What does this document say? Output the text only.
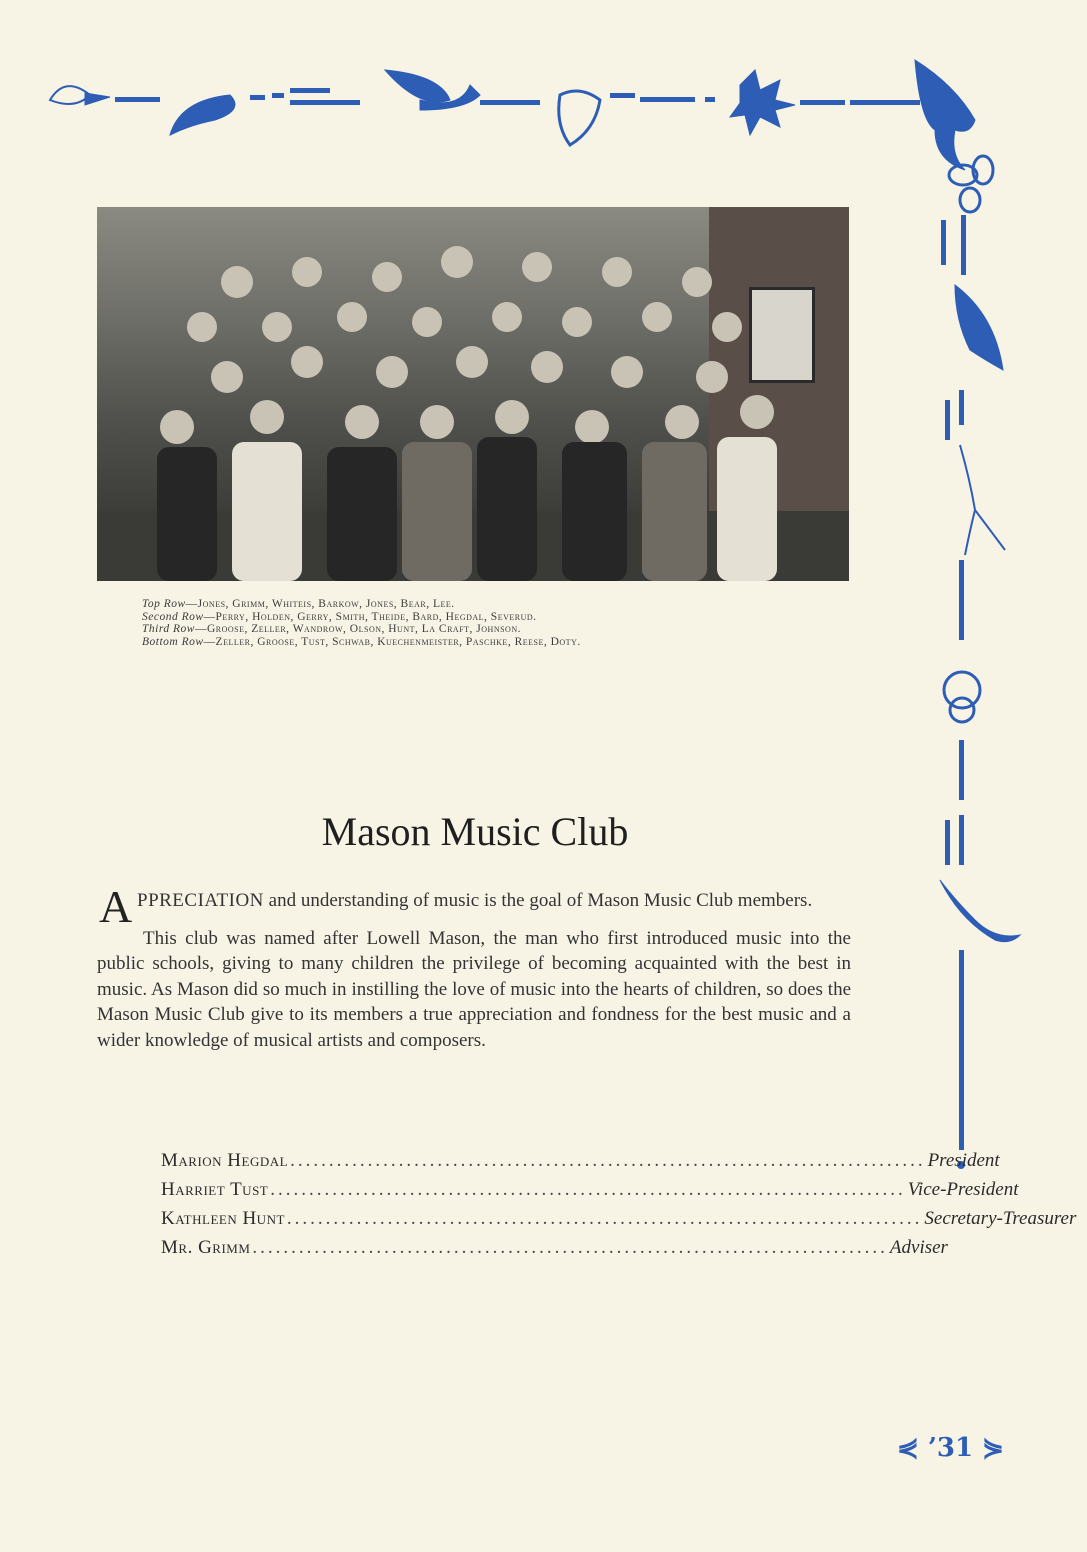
Top Row—Jones, Grimm, Whiteis, Barkow, Jones, Bear, Lee.
Second Row—Perry, Holden, Gerry, Smith, Theide, Bard, Hegdal, Severud.
Third Row—Groose, Zeller, Wandrow, Olson, Hunt, La Craft, Johnson.
Bottom Row—Zeller, Groose, Tust, Schwab, Kuechenmeister, Paschke, Reese, Doty.
Mason Music Club

A PPRECIATION and understanding of music is the goal of Mason Music Club members.

This club was named after Lowell Mason, the man who first introduced music into the public schools, giving to many children the privilege of becoming acquainted with the best in music. As Mason did so much in instilling the love of music into the hearts of children, so does the Mason Music Club give to its members a true appreciation and fondness for the best music and a wider knowledge of musical artists and composers.

Marion Hegdal .................................................................................. President
Harriet Tust .................................................................................. Vice-President
Kathleen Hunt .................................................................................. Secretary-Treasurer
Mr. Grimm .................................................................................. Adviser
⋞ ’31 ⋟
